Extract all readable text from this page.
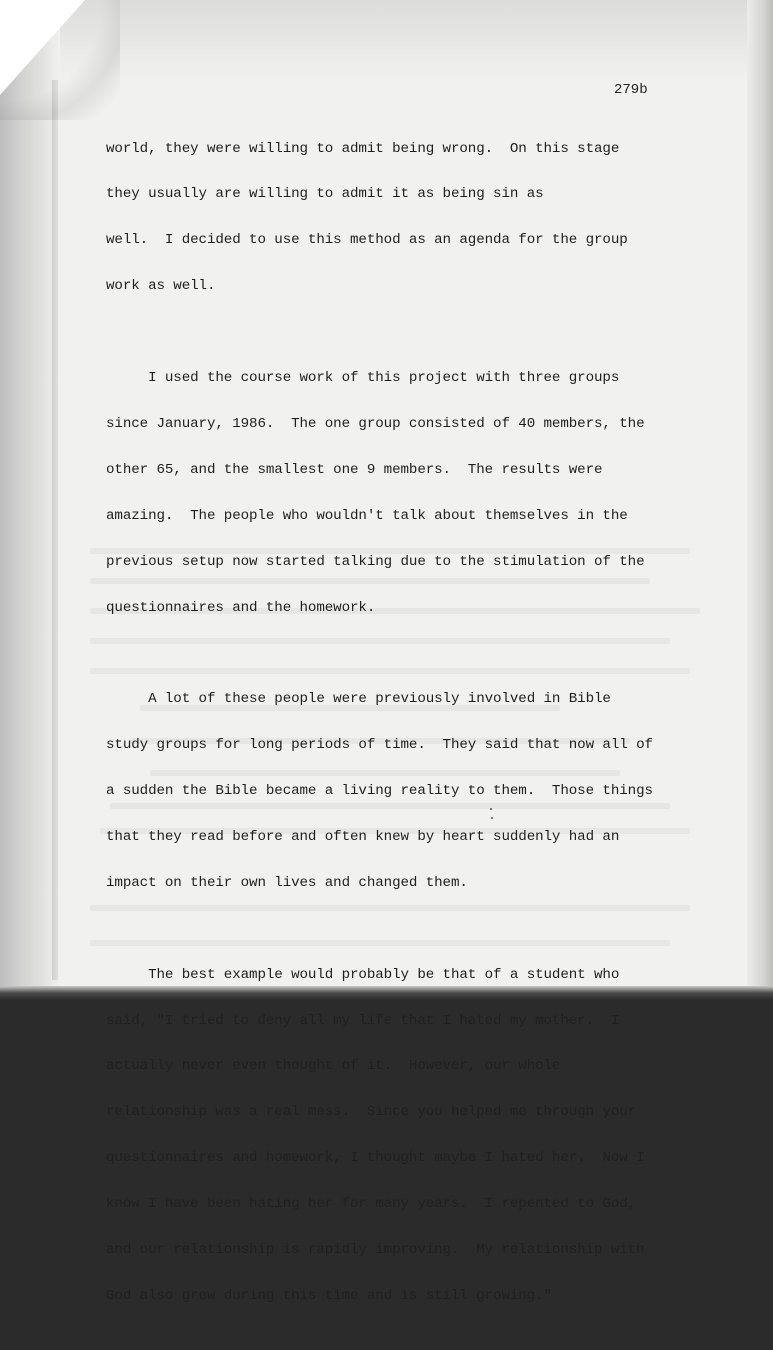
279b

world, they were willing to admit being wrong.  On this stage

they usually are willing to admit it as being sin as

well.  I decided to use this method as an agenda for the group

work as well.

I used the course work of this project with three groups

since January, 1986.  The one group consisted of 40 members, the

other 65, and the smallest one 9 members.  The results were

amazing.  The people who wouldn't talk about themselves in the

previous setup now started talking due to the stimulation of the

questionnaires and the homework.

A lot of these people were previously involved in Bible

study groups for long periods of time.  They said that now all of

a sudden the Bible became a living reality to them.  Those things

that they read before and often knew by heart suddenly had an

impact on their own lives and changed them.

The best example would probably be that of a student who

said, "I tried to deny all my life that I hated my mother.  I

actually never even thought of it.  However, our whole

relationship was a real mess.  Since you helped me through your

questionnaires and homework, I thought maybe I hated her.  Now I

know I have been hating her for many years.  I repented to God,

and our relationship is rapidly improving.  My relationship with

God also grew during this time and is still growing."
